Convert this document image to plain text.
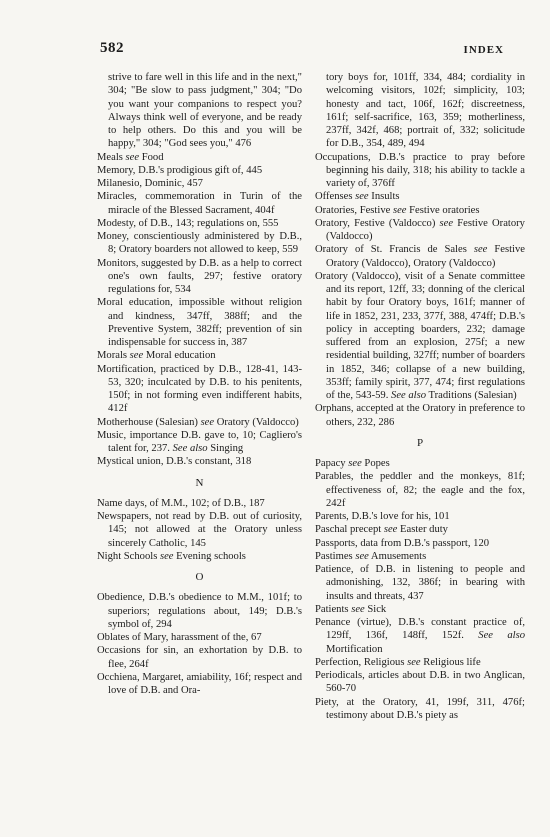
582	INDEX
strive to fare well in this life and in the next," 304; "Be slow to pass judgment," 304; "Do you want your companions to respect you? Always think well of everyone, and be ready to help others. Do this and you will be happy," 304; "God sees you," 476
Meals see Food
Memory, D.B.'s prodigious gift of, 445
Milanesio, Dominic, 457
Miracles, commemoration in Turin of the miracle of the Blessed Sacrament, 404f
Modesty, of D.B., 143; regulations on, 555
Money, conscientiously administered by D.B., 8; Oratory boarders not allowed to keep, 559
Monitors, suggested by D.B. as a help to correct one's own faults, 297; festive oratory regulations for, 534
Moral education, impossible without religion and kindness, 347ff, 388ff; and the Preventive System, 382ff; prevention of sin indispensable for success in, 387
Morals see Moral education
Mortification, practiced by D.B., 128-41, 143-53, 320; inculcated by D.B. to his penitents, 150f; in not forming even indifferent habits, 412f
Motherhouse (Salesian) see Oratory (Valdocco)
Music, importance D.B. gave to, 10; Cagliero's talent for, 237. See also Singing
Mystical union, D.B.'s constant, 318
N
Name days, of M.M., 102; of D.B., 187
Newspapers, not read by D.B. out of curiosity, 145; not allowed at the Oratory unless sincerely Catholic, 145
Night Schools see Evening schools
O
Obedience, D.B.'s obedience to M.M., 101f; to superiors; regulations about, 149; D.B.'s symbol of, 294
Oblates of Mary, harassment of the, 67
Occasions for sin, an exhortation by D.B. to flee, 264f
Occhiena, Margaret, amiability, 16f; respect and love of D.B. and Ora-
tory boys for, 101ff, 334, 484; cordiality in welcoming visitors, 102f; simplicity, 103; honesty and tact, 106f, 162f; discreetness, 161f; self-sacrifice, 163, 359; motherliness, 237ff, 342f, 468; portrait of, 332; solicitude for D.B., 354, 489, 494
Occupations, D.B.'s practice to pray before beginning his daily, 318; his ability to tackle a variety of, 376ff
Offenses see Insults
Oratories, Festive see Festive oratories
Oratory, Festive (Valdocco) see Festive Oratory (Valdocco)
Oratory of St. Francis de Sales see Festive Oratory (Valdocco), Oratory (Valdocco)
Oratory (Valdocco), visit of a Senate committee and its report, 12ff, 33; donning of the clerical habit by four Oratory boys, 161f; manner of life in 1852, 231, 233, 377f, 388, 474ff; D.B.'s policy in accepting boarders, 232; damage suffered from an explosion, 275f; a new residential building, 327ff; number of boarders in 1852, 346; collapse of a new building, 353ff; family spirit, 377, 474; first regulations of the, 543-59. See also Traditions (Salesian)
Orphans, accepted at the Oratory in preference to others, 232, 286
P
Papacy see Popes
Parables, the peddler and the monkeys, 81f; effectiveness of, 82; the eagle and the fox, 242f
Parents, D.B.'s love for his, 101
Paschal precept see Easter duty
Passports, data from D.B.'s passport, 120
Pastimes see Amusements
Patience, of D.B. in listening to people and admonishing, 132, 386f; in bearing with insults and threats, 437
Patients see Sick
Penance (virtue), D.B.'s constant practice of, 129ff, 136f, 148ff, 152f. See also Mortification
Perfection, Religious see Religious life
Periodicals, articles about D.B. in two Anglican, 560-70
Piety, at the Oratory, 41, 199f, 311, 476f; testimony about D.B.'s piety as
